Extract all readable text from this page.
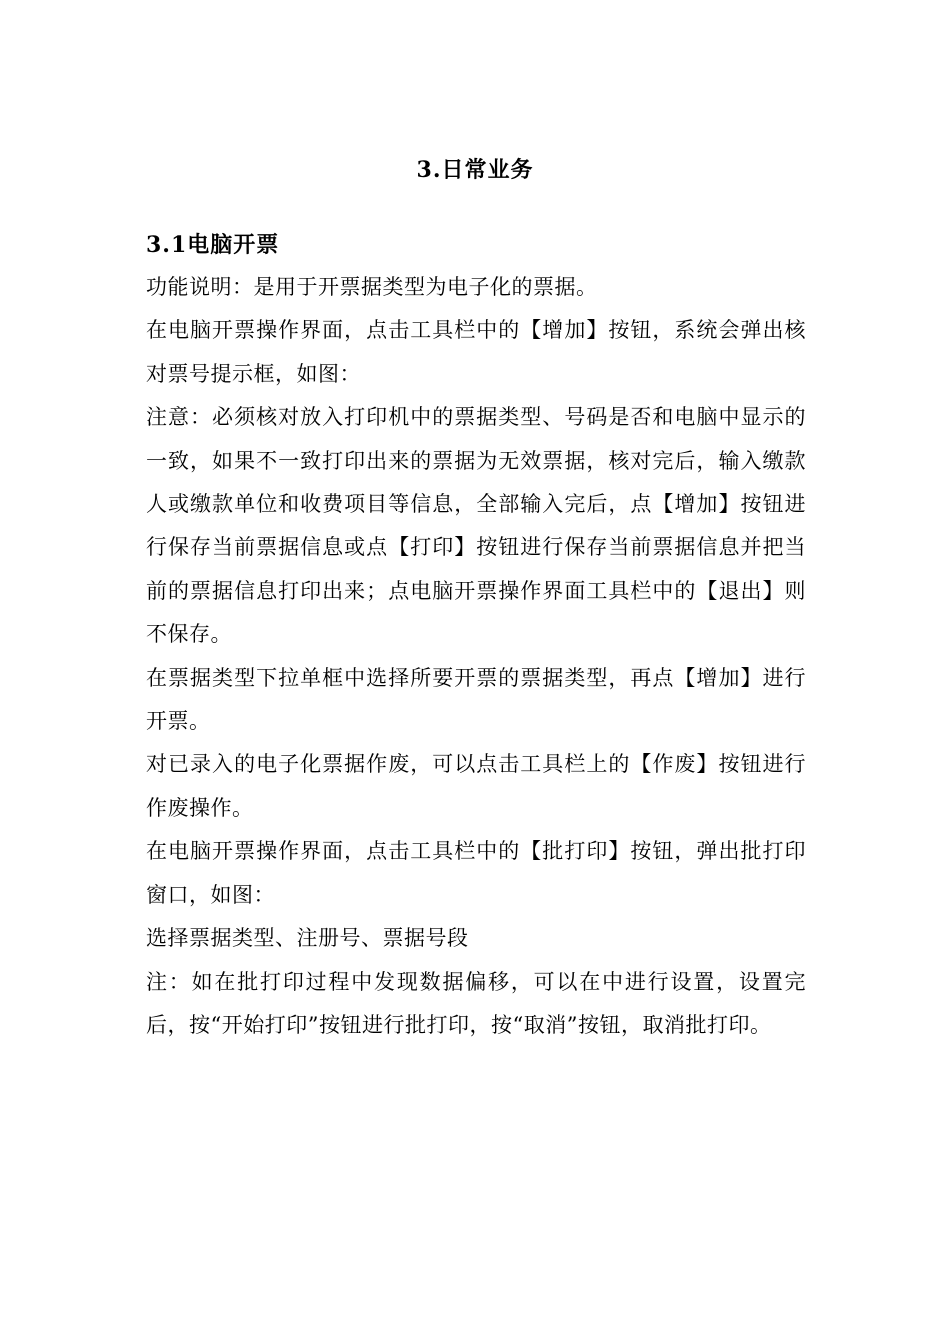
3.日常业务
3.1电脑开票

功能说明：是用于开票据类型为电子化的票据。

在电脑开票操作界面，点击工具栏中的【增加】按钮，系统会弹出核对票号提示框，如图：

注意：必须核对放入打印机中的票据类型、号码是否和电脑中显示的一致，如果不一致打印出来的票据为无效票据，核对完后，输入缴款人或缴款单位和收费项目等信息，全部输入完后，点【增加】按钮进行保存当前票据信息或点【打印】按钮进行保存当前票据信息并把当前的票据信息打印出来；点电脑开票操作界面工具栏中的【退出】则不保存。

在票据类型下拉单框中选择所要开票的票据类型，再点【增加】进行开票。

对已录入的电子化票据作废，可以点击工具栏上的【作废】按钮进行作废操作。

在电脑开票操作界面，点击工具栏中的【批打印】按钮，弹出批打印窗口，如图：

选择票据类型、注册号、票据号段

注：如在批打印过程中发现数据偏移，可以在中进行设置，设置完后，按“开始打印”按钮进行批打印，按“取消”按钮，取消批打印。
